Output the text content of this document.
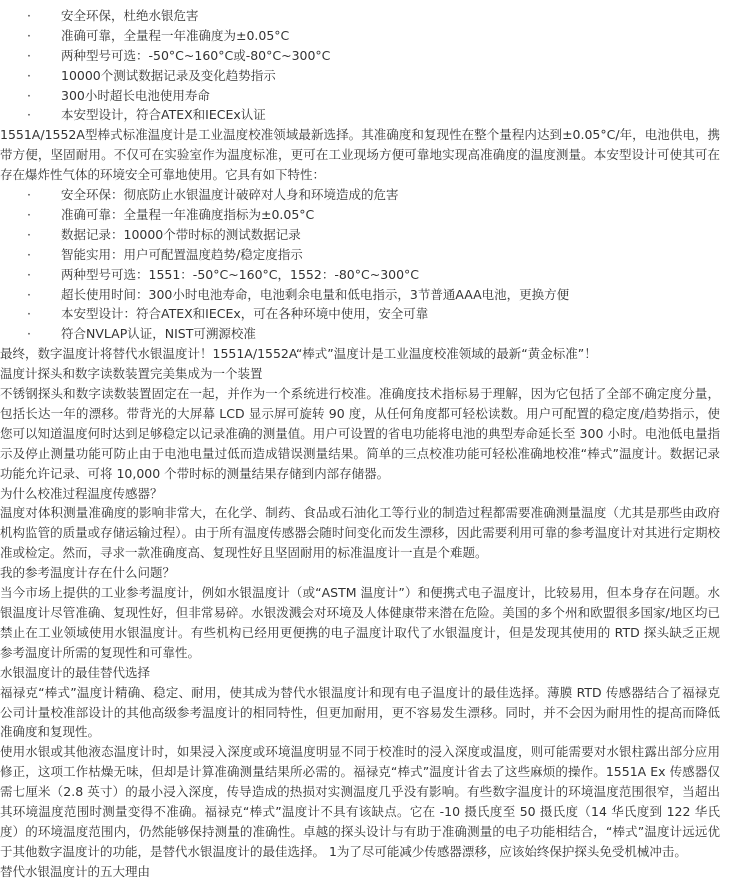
·	安全环保，杜绝水银危害
·	准确可靠，全量程一年准确度为±0.05°C
·	两种型号可选：-50°C~160°C或-80°C~300°C
·	10000个测试数据记录及变化趋势指示
·	300小时超长电池使用寿命
·	本安型设计，符合ATEX和IECEx认证

1551A/1552A型棒式标准温度计是工业温度校准领域最新选择。其准确度和复现性在整个量程内达到±0.05°C/年，电池供电，携带方便，坚固耐用。不仅可在实验室作为温度标准，更可在工业现场方便可靠地实现高准确度的温度测量。本安型设计可使其可在存在爆炸性气体的环境安全可靠地使用。它具有如下特性：

·	安全环保：彻底防止水银温度计破碎对人身和环境造成的危害
·	准确可靠：全量程一年准确度指标为±0.05°C
·	数据记录：10000个带时标的测试数据记录
·	智能实用：用户可配置温度趋势/稳定度指示
·	两种型号可选：1551：-50°C~160°C，1552：-80°C~300°C
·	超长使用时间：300小时电池寿命，电池剩余电量和低电指示，3节普通AAA电池，更换方便
·	本安型设计：符合ATEX和IECEx，可在各种环境中使用，安全可靠
·	符合NVLAP认证，NIST可溯源校准

最终，数字温度计将替代水银温度计！1551A/1552A“棒式”温度计是工业温度校准领域的最新“黄金标准”！

温度计探头和数字读数装置完美集成为一个装置

不锈钢探头和数字读数装置固定在一起，并作为一个系统进行校准。准确度技术指标易于理解，因为它包括了全部不确定度分量，包括长达一年的漂移。带背光的大屏幕 LCD 显示屏可旋转 90 度，从任何角度都可轻松读数。用户可配置的稳定度/趋势指示，使您可以知道温度何时达到足够稳定以记录准确的测量值。用户可设置的省电功能将电池的典型寿命延长至 300 小时。电池低电量指示及停止测量功能可防止由于电池电量过低而造成错误测量结果。简单的三点校准功能可轻松准确地校准“棒式”温度计。数据记录功能允许记录、可将 10,000 个带时标的测量结果存储到内部存储器。

为什么校准过程温度传感器？

温度对体积测量准确度的影响非常大，在化学、制药、食品或石油化工等行业的制造过程都需要准确测量温度（尤其是那些由政府机构监管的质量或存储运输过程）。由于所有温度传感器会随时间变化而发生漂移，因此需要利用可靠的参考温度计对其进行定期校准或检定。然而，寻求一款准确度高、复现性好且坚固耐用的标准温度计一直是个难题。

我的参考温度计存在什么问题？

当今市场上提供的工业参考温度计，例如水银温度计（或“ASTM 温度计”）和便携式电子温度计，比较易用，但本身存在问题。水银温度计尽管准确、复现性好，但非常易碎。水银泼溅会对环境及人体健康带来潜在危险。美国的多个州和欧盟很多国家/地区均已禁止在工业领域使用水银温度计。有些机构已经用更便携的电子温度计取代了水银温度计，但是发现其使用的 RTD 探头缺乏正规参考温度计所需的复现性和可靠性。

水银温度计的最佳替代选择

福禄克“棒式”温度计精确、稳定、耐用，使其成为替代水银温度计和现有电子温度计的最佳选择。薄膜 RTD 传感器结合了福禄克公司计量校准部设计的其他高级参考温度计的相同特性，但更加耐用，更不容易发生漂移。同时，并不会因为耐用性的提高而降低准确度和复现性。

使用水银或其他液态温度计时，如果浸入深度或环境温度明显不同于校准时的浸入深度或温度，则可能需要对水银柱露出部分应用修正，这项工作枯燥无味，但却是计算准确测量结果所必需的。福禄克“棒式”温度计省去了这些麻烦的操作。1551A Ex 传感器仅需七厘米（2.8 英寸）的最小浸入深度，传导造成的热损对实测温度几乎没有影响。有些数字温度计的环境温度范围很窄，当超出其环境温度范围时测量变得不准确。福禄克“棒式”温度计不具有该缺点。它在 -10 摄氏度至 50 摄氏度（14 华氏度到 122 华氏度）的环境温度范围内，仍然能够保持测量的准确性。卓越的探头设计与有助于准确测量的电子功能相结合，“棒式”温度计远远优于其他数字温度计的功能，是替代水银温度计的最佳选择。 1为了尽可能减少传感器漂移，应该始终保护探头免受机械冲击。

替代水银温度计的五大理由
